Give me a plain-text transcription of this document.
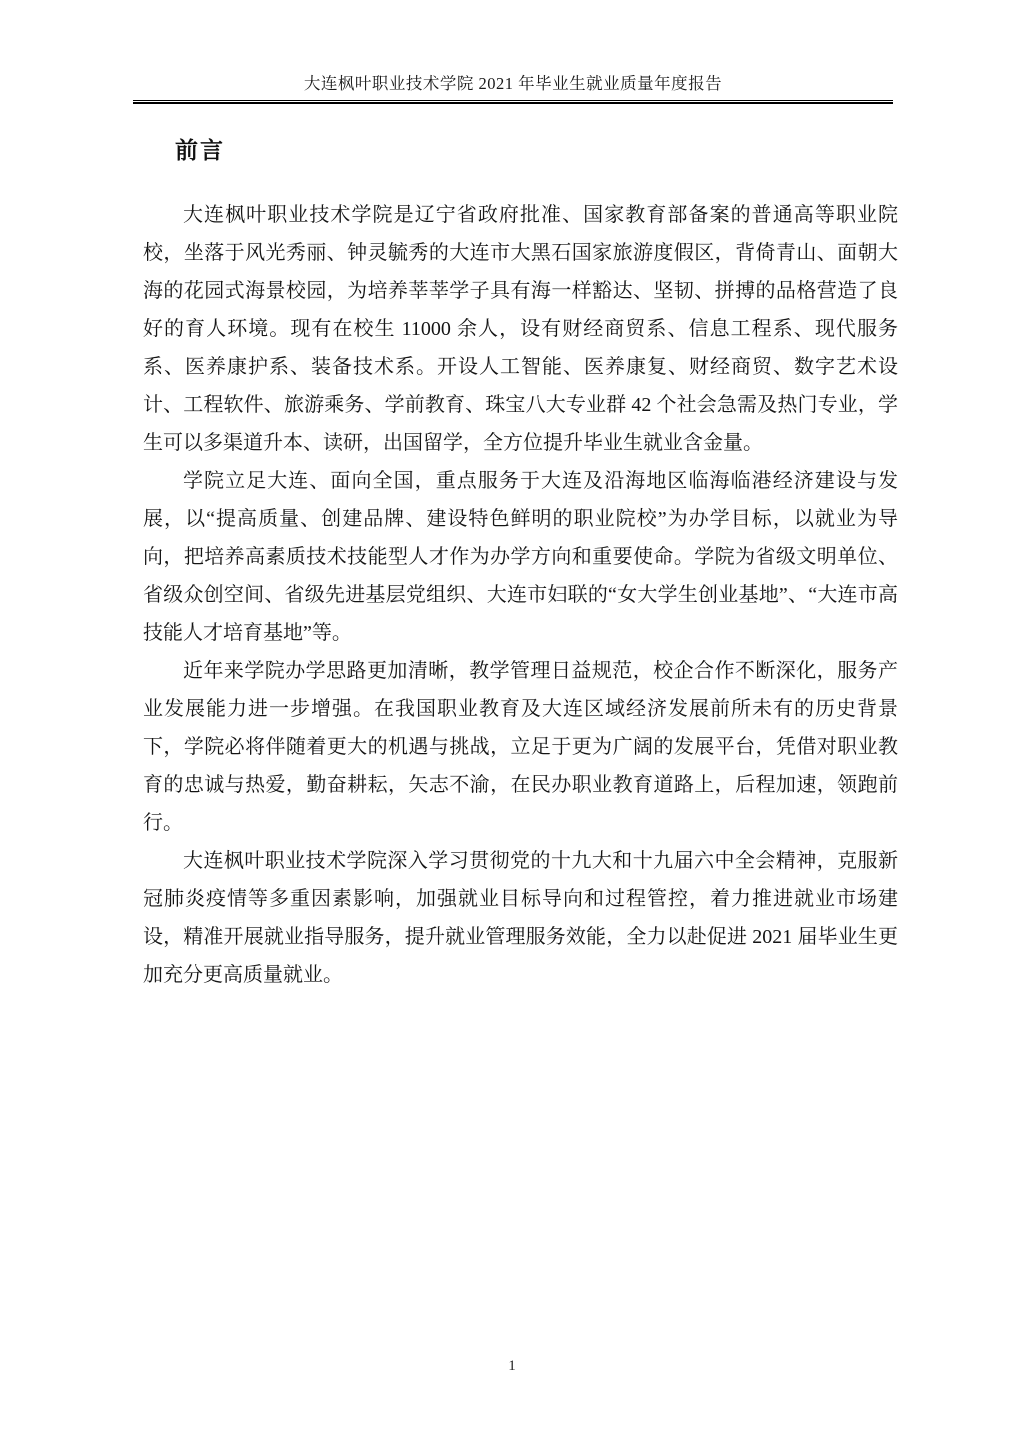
大连枫叶职业技术学院 2021 年毕业生就业质量年度报告
前言

大连枫叶职业技术学院是辽宁省政府批准、国家教育部备案的普通高等职业院校，坐落于风光秀丽、钟灵毓秀的大连市大黑石国家旅游度假区，背倚青山、面朝大海的花园式海景校园，为培养莘莘学子具有海一样豁达、坚韧、拼搏的品格营造了良好的育人环境。现有在校生 11000 余人，设有财经商贸系、信息工程系、现代服务系、医养康护系、装备技术系。开设人工智能、医养康复、财经商贸、数字艺术设计、工程软件、旅游乘务、学前教育、珠宝八大专业群 42 个社会急需及热门专业，学生可以多渠道升本、读研，出国留学，全方位提升毕业生就业含金量。

学院立足大连、面向全国，重点服务于大连及沿海地区临海临港经济建设与发展，以“提高质量、创建品牌、建设特色鲜明的职业院校”为办学目标，以就业为导向，把培养高素质技术技能型人才作为办学方向和重要使命。学院为省级文明单位、省级众创空间、省级先进基层党组织、大连市妇联的“女大学生创业基地”、“大连市高技能人才培育基地”等。

近年来学院办学思路更加清晰，教学管理日益规范，校企合作不断深化，服务产业发展能力进一步增强。在我国职业教育及大连区域经济发展前所未有的历史背景下，学院必将伴随着更大的机遇与挑战，立足于更为广阔的发展平台，凭借对职业教育的忠诚与热爱，勤奋耕耘，矢志不渝，在民办职业教育道路上，后程加速，领跑前行。

大连枫叶职业技术学院深入学习贯彻党的十九大和十九届六中全会精神，克服新冠肺炎疫情等多重因素影响，加强就业目标导向和过程管控，着力推进就业市场建设，精准开展就业指导服务，提升就业管理服务效能，全力以赴促进 2021 届毕业生更加充分更高质量就业。

1
